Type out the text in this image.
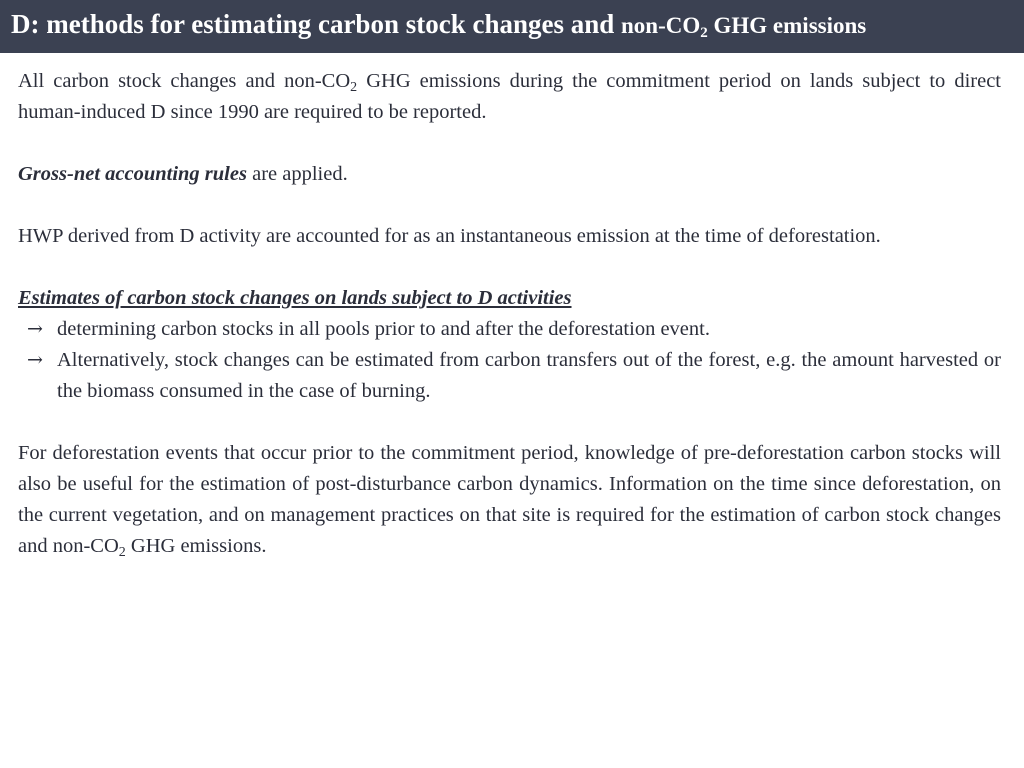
D: methods for estimating carbon stock changes and non-$CO_2$ GHG emissions

All carbon stock changes and non-$CO_2$ GHG emissions during the commitment period on lands subject to direct human-induced D since 1990 are required to be reported.

Gross-net accounting rules are applied.

HWP derived from D activity are accounted for as an instantaneous emission at the time of deforestation.

Estimates of carbon stock changes on lands subject to D activities

→ determining carbon stocks in all pools prior to and after the deforestation event.
→ Alternatively, stock changes can be estimated from carbon transfers out of the forest, e.g. the amount harvested or the biomass consumed in the case of burning.

For deforestation events that occur prior to the commitment period, knowledge of pre-deforestation carbon stocks will also be useful for the estimation of post-disturbance carbon dynamics. Information on the time since deforestation, on the current vegetation, and on management practices on that site is required for the estimation of carbon stock changes and non-$CO_2$ GHG emissions.
